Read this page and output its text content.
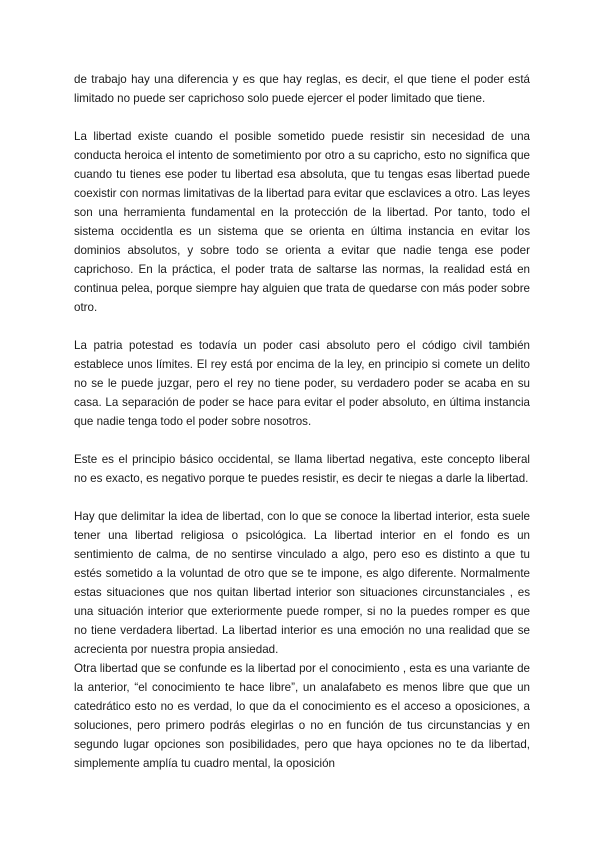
de trabajo hay una diferencia y es que hay reglas, es decir, el que tiene el poder está limitado no puede ser caprichoso solo puede ejercer el poder limitado que tiene.

La libertad existe cuando el posible sometido puede resistir sin necesidad de una conducta heroica el intento de sometimiento por otro a su capricho, esto no significa que cuando tu tienes ese poder tu libertad esa absoluta, que tu tengas esas libertad puede coexistir con normas limitativas de la libertad para evitar que esclavices a otro. Las leyes son una herramienta fundamental en la protección de la libertad. Por tanto, todo el sistema occidentla es un sistema que se orienta en última instancia en evitar los dominios absolutos, y sobre todo se orienta a evitar que nadie tenga ese poder caprichoso. En la práctica, el poder trata de saltarse las normas, la realidad está en continua pelea, porque siempre hay alguien que trata de quedarse con más poder sobre otro.

La patria potestad es todavía un poder casi absoluto pero el código civil también establece unos límites. El rey está por encima de la ley, en principio si comete un delito no se le puede juzgar, pero el rey no tiene poder, su verdadero poder se acaba en su casa. La separación de poder se hace para evitar el poder absoluto, en última instancia que nadie tenga todo el poder sobre nosotros.

Este es el principio básico occidental, se llama libertad negativa, este concepto liberal no es exacto, es negativo porque te puedes resistir, es decir te niegas a darle la libertad.

Hay que delimitar la idea de libertad, con lo que se conoce la libertad interior, esta suele tener una libertad religiosa o psicológica. La libertad interior en el fondo es un sentimiento de calma, de no sentirse vinculado a algo, pero eso es distinto a que tu estés sometido a la voluntad de otro que se te impone, es algo diferente. Normalmente estas situaciones que nos quitan libertad interior son situaciones circunstanciales , es una situación interior que exteriormente puede romper, si no la puedes romper es que no tiene verdadera libertad. La libertad interior es una emoción no una realidad que se acrecienta por nuestra propia ansiedad.

Otra libertad que se confunde es la libertad por el conocimiento , esta es una variante de la anterior, “el conocimiento te hace libre”, un analafabeto es menos libre que que un catedrático esto no es verdad, lo que da el conocimiento es el acceso a oposiciones, a soluciones, pero primero podrás elegirlas o no en función de tus circunstancias y en segundo lugar opciones son posibilidades, pero que haya opciones no te da libertad, simplemente amplía tu cuadro mental, la oposición
